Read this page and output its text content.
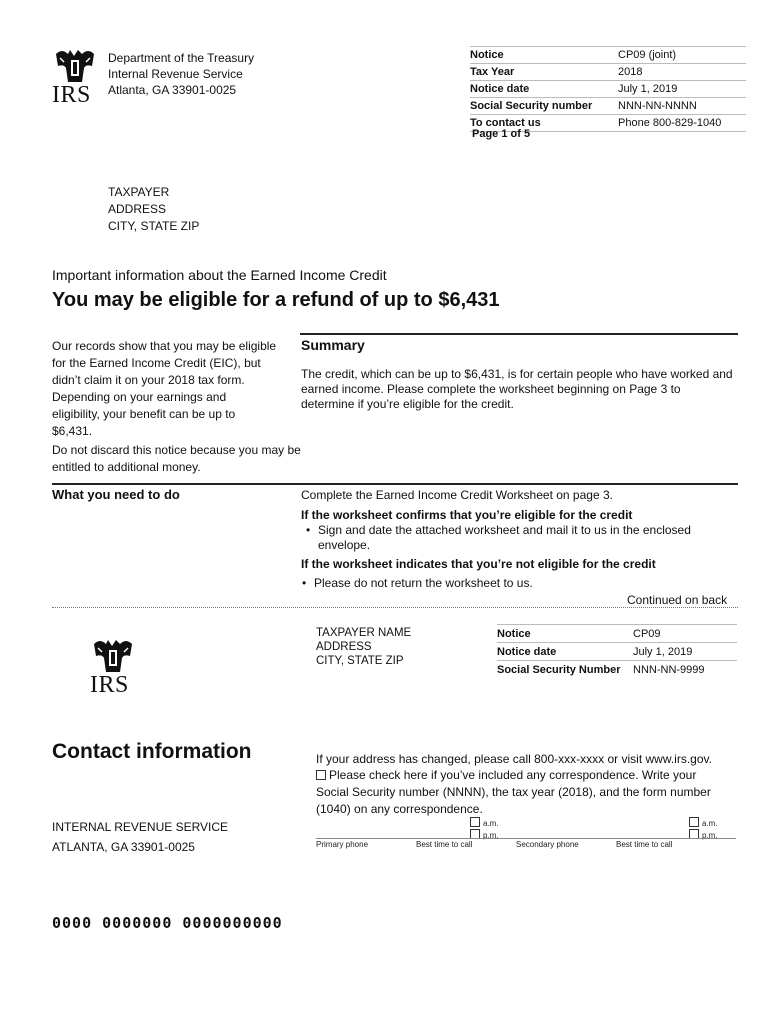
IRS
Department of the Treasury
Internal Revenue Service
Atlanta, GA 33901-0025
Notice	CP09 (joint)
Tax Year	2018
Notice date	July 1, 2019
Social Security number	NNN-NN-NNNN
To contact us	Phone 800-829-1040
Page 1 of 5
TAXPAYER
ADDRESS
CITY, STATE ZIP
Important information about the Earned Income Credit
You may be eligible for a refund of up to $6,431
Our records show that you may be eligible for the Earned Income Credit (EIC), but didn’t claim it on your 2018 tax form. Depending on your earnings and eligibility, your benefit can be up to $6,431.
Do not discard this notice because you may be entitled to additional money.
Summary
The credit, which can be up to $6,431, is for certain people who have worked and earned income. Please complete the worksheet beginning on Page 3 to determine if you’re eligible for the credit.
What you need to do	Complete the Earned Income Credit Worksheet on page 3.
If the worksheet confirms that you’re eligible for the credit
• Sign and date the attached worksheet and mail it to us in the enclosed envelope.
If the worksheet indicates that you’re not eligible for the credit
• Please do not return the worksheet to us.
Continued on back
IRS
TAXPAYER NAME
ADDRESS
CITY, STATE ZIP
Notice	CP09
Notice date	July 1, 2019
Social Security Number	NNN-NN-9999
Contact information	If your address has changed, please call 800-xxx-xxxx or visit www.irs.gov.
Please check here if you’ve included any correspondence. Write your Social Security number (NNNN), the tax year (2018), and the form number (1040) on any correspondence.
a.m.
p.m.
a.m.
p.m.
Primary phone	Best time to call	Secondary phone	Best time to call
INTERNAL REVENUE SERVICE
ATLANTA, GA 33901-0025
0000 0000000 0000000000
